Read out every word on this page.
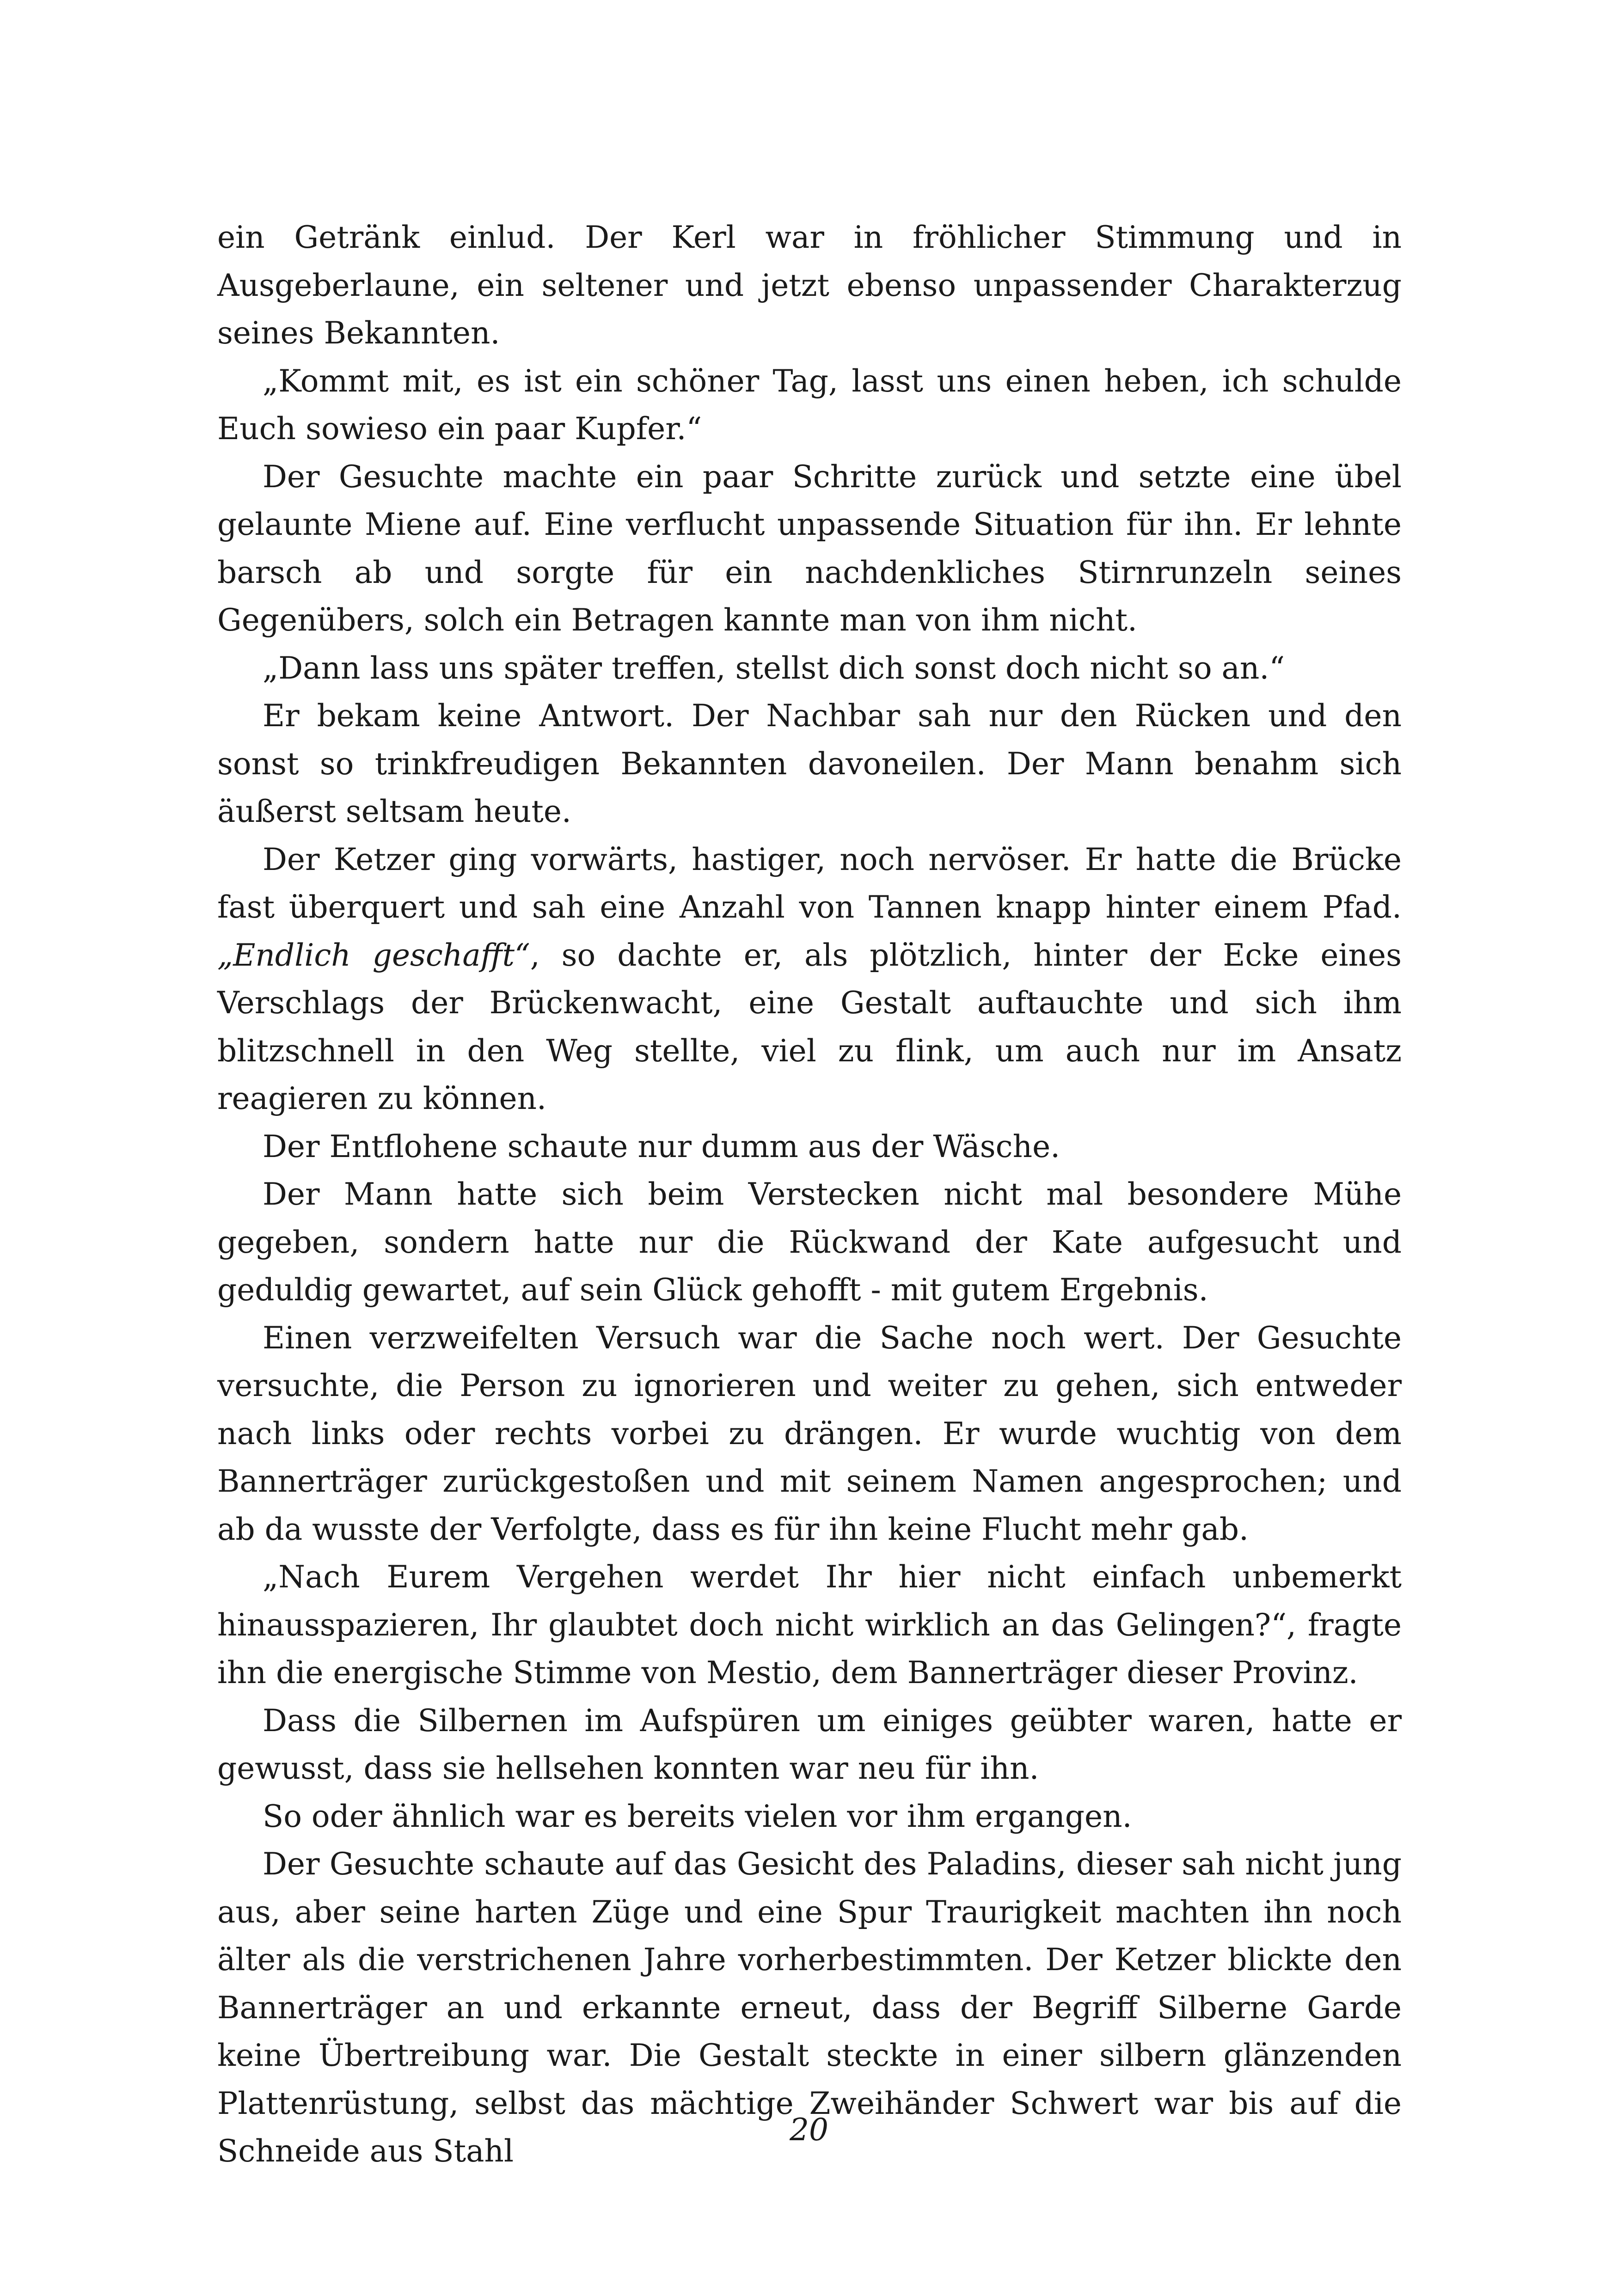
ein Getränk einlud. Der Kerl war in fröhlicher Stimmung und in Ausgeberlaune, ein seltener und jetzt ebenso unpassender Charakterzug seines Bekannten.

„Kommt mit, es ist ein schöner Tag, lasst uns einen heben, ich schulde Euch sowieso ein paar Kupfer.“

Der Gesuchte machte ein paar Schritte zurück und setzte eine übel gelaunte Miene auf. Eine verflucht unpassende Situation für ihn. Er lehnte barsch ab und sorgte für ein nachdenkliches Stirnrunzeln seines Gegenübers, solch ein Betragen kannte man von ihm nicht.

„Dann lass uns später treffen, stellst dich sonst doch nicht so an.“

Er bekam keine Antwort. Der Nachbar sah nur den Rücken und den sonst so trinkfreudigen Bekannten davoneilen. Der Mann benahm sich äußerst seltsam heute.

Der Ketzer ging vorwärts, hastiger, noch nervöser. Er hatte die Brücke fast überquert und sah eine Anzahl von Tannen knapp hinter einem Pfad. „Endlich geschafft“, so dachte er, als plötzlich, hinter der Ecke eines Verschlags der Brückenwacht, eine Gestalt auftauchte und sich ihm blitzschnell in den Weg stellte, viel zu flink, um auch nur im Ansatz reagieren zu können.

Der Entflohene schaute nur dumm aus der Wäsche.

Der Mann hatte sich beim Verstecken nicht mal besondere Mühe gegeben, sondern hatte nur die Rückwand der Kate aufgesucht und geduldig gewartet, auf sein Glück gehofft - mit gutem Ergebnis.

Einen verzweifelten Versuch war die Sache noch wert. Der Gesuchte versuchte, die Person zu ignorieren und weiter zu gehen, sich entweder nach links oder rechts vorbei zu drängen. Er wurde wuchtig von dem Bannerträger zurückgestoßen und mit seinem Namen angesprochen; und ab da wusste der Verfolgte, dass es für ihn keine Flucht mehr gab.

„Nach Eurem Vergehen werdet Ihr hier nicht einfach unbemerkt hinausspazieren, Ihr glaubtet doch nicht wirklich an das Gelingen?“, fragte ihn die energische Stimme von Mestio, dem Bannerträger dieser Provinz.

Dass die Silbernen im Aufspüren um einiges geübter waren, hatte er gewusst, dass sie hellsehen konnten war neu für ihn.

So oder ähnlich war es bereits vielen vor ihm ergangen.

Der Gesuchte schaute auf das Gesicht des Paladins, dieser sah nicht jung aus, aber seine harten Züge und eine Spur Traurigkeit machten ihn noch älter als die verstrichenen Jahre vorherbestimmten. Der Ketzer blickte den Bannerträger an und erkannte erneut, dass der Begriff Silberne Garde keine Übertreibung war. Die Gestalt steckte in einer silbern glänzenden Plattenrüstung, selbst das mächtige Zweihänder Schwert war bis auf die Schneide aus Stahl

20
